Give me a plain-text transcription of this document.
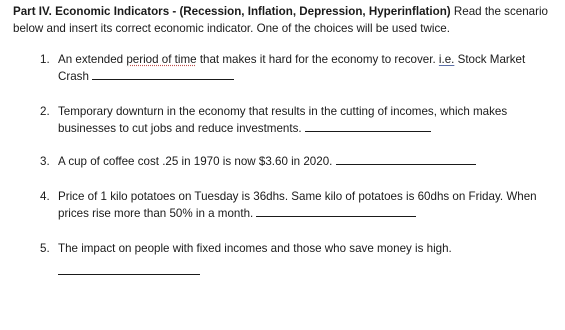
Part IV. Economic Indicators - (Recession, Inflation, Depression, Hyperinflation) Read the scenario below and insert its correct economic indicator. One of the choices will be used twice.
1. An extended period of time that makes it hard for the economy to recover. i.e. Stock Market Crash
2. Temporary downturn in the economy that results in the cutting of incomes, which makes businesses to cut jobs and reduce investments.
3. A cup of coffee cost .25 in 1970 is now $3.60 in 2020.
4. Price of 1 kilo potatoes on Tuesday is 36dhs. Same kilo of potatoes is 60dhs on Friday. When prices rise more than 50% in a month.
5. The impact on people with fixed incomes and those who save money is high.
